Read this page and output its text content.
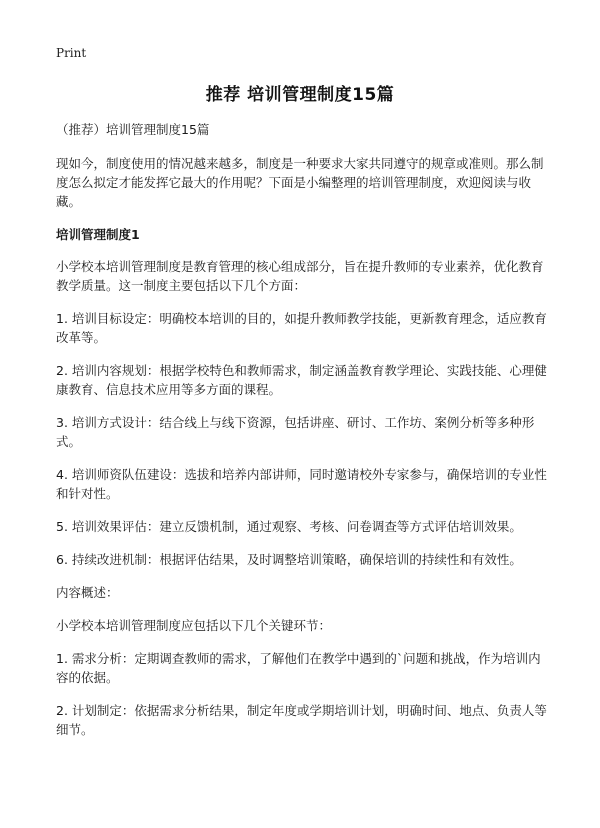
Print
推荐 培训管理制度15篇

（推荐）培训管理制度15篇

现如今，制度使用的情况越来越多，制度是一种要求大家共同遵守的规章或准则。那么制度怎么拟定才能发挥它最大的作用呢？下面是小编整理的培训管理制度，欢迎阅读与收藏。

培训管理制度1

小学校本培训管理制度是教育管理的核心组成部分，旨在提升教师的专业素养，优化教育教学质量。这一制度主要包括以下几个方面：

1. 培训目标设定：明确校本培训的目的，如提升教师教学技能，更新教育理念，适应教育改革等。

2. 培训内容规划：根据学校特色和教师需求，制定涵盖教育教学理论、实践技能、心理健康教育、信息技术应用等多方面的课程。

3. 培训方式设计：结合线上与线下资源，包括讲座、研讨、工作坊、案例分析等多种形式。

4. 培训师资队伍建设：选拔和培养内部讲师，同时邀请校外专家参与，确保培训的专业性和针对性。

5. 培训效果评估：建立反馈机制，通过观察、考核、问卷调查等方式评估培训效果。

6. 持续改进机制：根据评估结果，及时调整培训策略，确保培训的持续性和有效性。

内容概述：

小学校本培训管理制度应包括以下几个关键环节：

1. 需求分析：定期调查教师的需求，了解他们在教学中遇到的`问题和挑战，作为培训内容的依据。

2. 计划制定：依据需求分析结果，制定年度或学期培训计划，明确时间、地点、负责人等细节。
